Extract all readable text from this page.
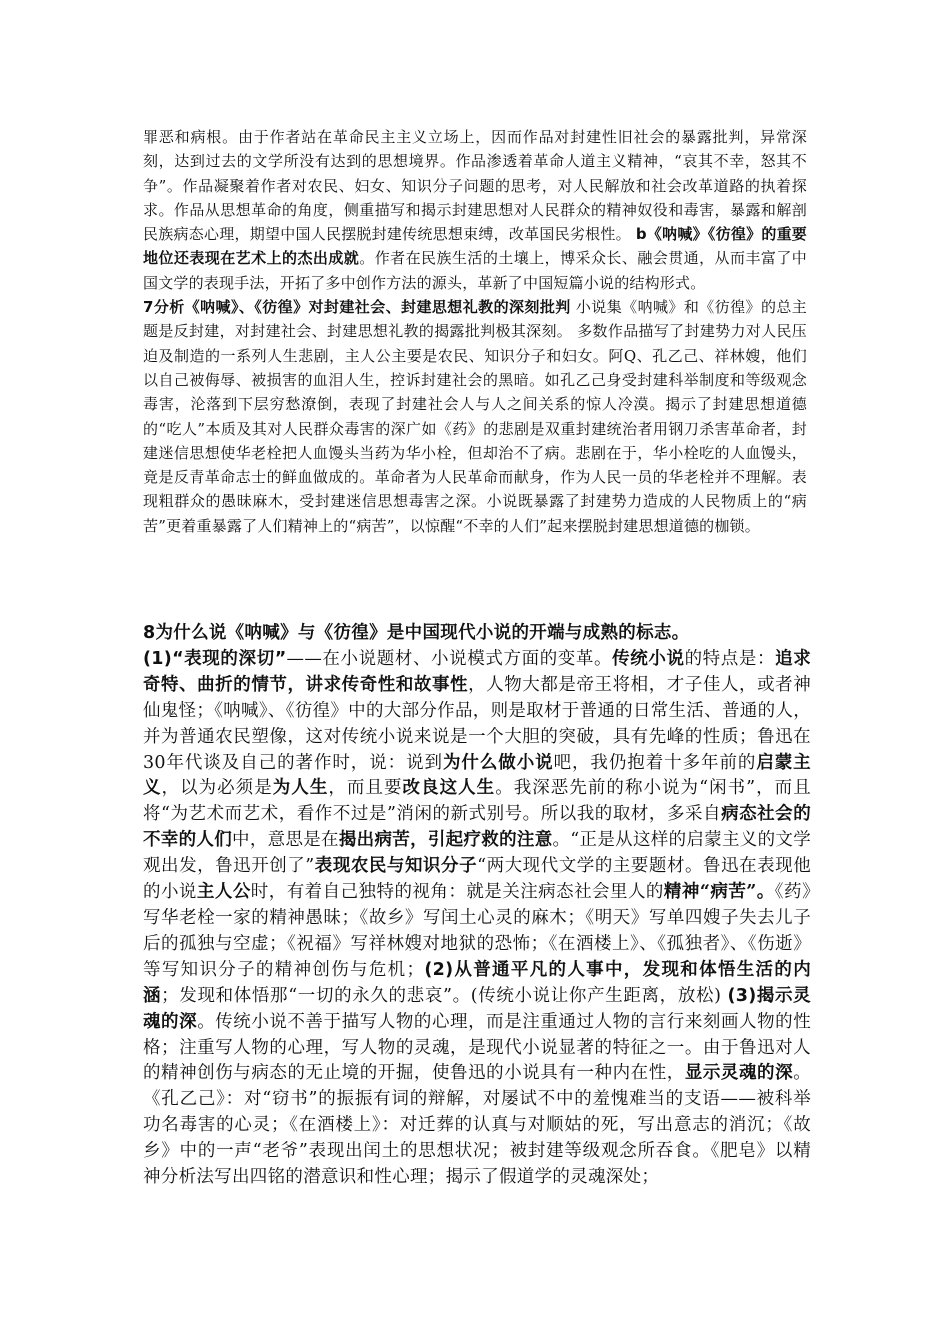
罪恶和病根。由于作者站在革命民主主义立场上，因而作品对封建性旧社会的暴露批判，异常深刻，达到过去的文学所没有达到的思想境界。作品渗透着革命人道主义精神，“哀其不幸，怒其不争”。作品凝聚着作者对农民、妇女、知识分子问题的思考，对人民解放和社会改革道路的执着探求。作品从思想革命的角度，侧重描写和揭示封建思想对人民群众的精神奴役和毒害，暴露和解剖民族病态心理，期望中国人民摆脱封建传统思想束缚，改革国民劣根性。 b《呐喊》《彷徨》的重要地位还表现在艺术上的杰出成就。作者在民族生活的土壤上，博采众长、融会贯通，从而丰富了中国文学的表现手法，开拓了多中创作方法的源头，革新了中国短篇小说的结构形式。

7分析《呐喊》、《彷徨》对封建社会、封建思想礼教的深刻批判 小说集《呐喊》和《彷徨》的总主题是反封建，对封建社会、封建思想礼教的揭露批判极其深刻。 多数作品描写了封建势力对人民压迫及制造的一系列人生悲剧，主人公主要是农民、知识分子和妇女。阿Q、孔乙己、祥林嫂，他们以自己被侮辱、被损害的血泪人生，控诉封建社会的黑暗。如孔乙己身受封建科举制度和等级观念毒害，沦落到下层穷愁潦倒，表现了封建社会人与人之间关系的惊人冷漠。揭示了封建思想道德的“吃人”本质及其对人民群众毒害的深广如《药》的悲剧是双重封建统治者用钢刀杀害革命者，封建迷信思想使华老栓把人血馒头当药为华小栓，但却治不了病。悲剧在于，华小栓吃的人血馒头，竟是反青革命志士的鲜血做成的。革命者为人民革命而献身，作为人民一员的华老栓并不理解。表现粗群众的愚昧麻木，受封建迷信思想毒害之深。小说既暴露了封建势力造成的人民物质上的“病苦”更着重暴露了人们精神上的“病苦”，以惊醒“不幸的人们”起来摆脱封建思想道德的枷锁。

8为什么说《呐喊》与《彷徨》是中国现代小说的开端与成熟的标志。

(1)“表现的深切”——在小说题材、小说模式方面的变革。传统小说的特点是：追求奇特、曲折的情节，讲求传奇性和故事性，人物大都是帝王将相，才子佳人，或者神仙鬼怪；《呐喊》、《彷徨》中的大部分作品，则是取材于普通的日常生活、普通的人，并为普通农民塑像，这对传统小说来说是一个大胆的突破，具有先峰的性质；鲁迅在30年代谈及自己的著作时，说：说到为什么做小说吧，我仍抱着十多年前的启蒙主义，以为必须是为人生，而且要改良这人生。我深恶先前的称小说为“闲书”，而且将“为艺术而艺术，看作不过是”消闲的新式别号。所以我的取材，多采自病态社会的不幸的人们中，意思是在揭出病苦，引起疗救的注意。“正是从这样的启蒙主义的文学观出发，鲁迅开创了”表现农民与知识分子“两大现代文学的主要题材。鲁迅在表现他的小说主人公时，有着自己独特的视角：就是关注病态社会里人的精神“病苦”。《药》写华老栓一家的精神愚昧；《故乡》写闰土心灵的麻木；《明天》写单四嫂子失去儿子后的孤独与空虚；《祝福》写祥林嫂对地狱的恐怖；《在酒楼上》、《孤独者》、《伤逝》等写知识分子的精神创伤与危机；(2)从普通平凡的人事中，发现和体悟生活的内涵；发现和体悟那“一切的永久的悲哀”。(传统小说让你产生距离，放松) (3)揭示灵魂的深。传统小说不善于描写人物的心理，而是注重通过人物的言行来刻画人物的性格；注重写人物的心理，写人物的灵魂，是现代小说显著的特征之一。由于鲁迅对人的精神创伤与病态的无止境的开掘，使鲁迅的小说具有一种内在性，显示灵魂的深。《孔乙己》：对“窃书”的振振有词的辩解，对屡试不中的羞愧难当的支语——被科举功名毒害的心灵；《在酒楼上》：对迁葬的认真与对顺姑的死，写出意志的消沉；《故乡》中的一声“老爷”表现出闰土的思想状况；被封建等级观念所吞食。《肥皂》以精神分析法写出四铭的潜意识和性心理；揭示了假道学的灵魂深处；
